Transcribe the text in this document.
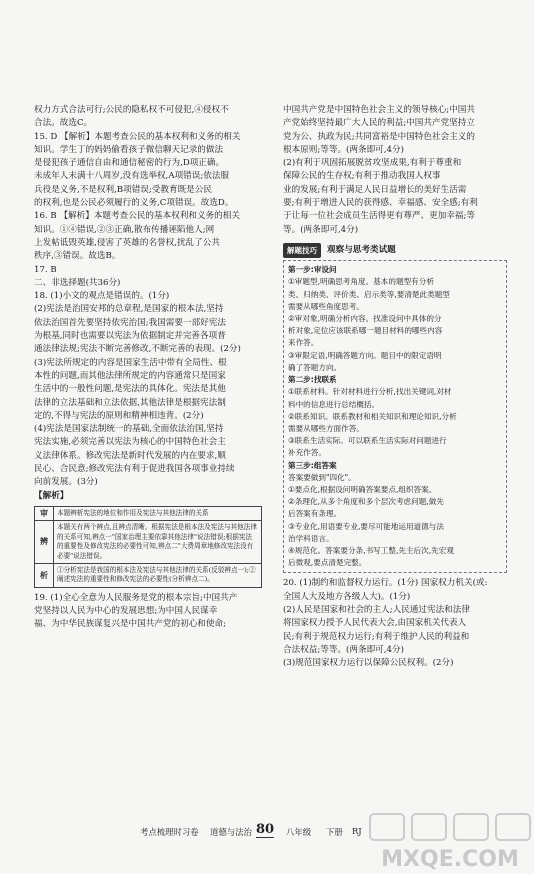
权力方式合法可行;公民的隐私权不可侵犯,④侵权不
合法。故选C。
15. D 【解析】本题考查公民的基本权利和义务的相关
知识。学生丁的妈妈偷看孩子微信聊天记录的做法
是侵犯孩子通信自由和通信秘密的行为,D项正确。
未成年人未满十八周岁,没有选举权,A项错误;依法服
兵役是义务,不是权利,B项错误;受教育既是公民
的权利,也是公民必须履行的义务,C项错误。故选D。
16. B 【解析】本题考查公民的基本权利和义务的相关
知识。①④错误,②③正确,散布传播诬陷他人;网
上发帖诋毁英雄,侵害了英雄的名誉权,扰乱了公共
秩序,③错误。故选B。
17. B
二、非选择题(共36分)
18. (1)小文的观点是错误的。(1分)
(2)宪法是治国安邦的总章程,是国家的根本法,坚持
依法治国首先要坚持依宪治国;我国需要一部好宪法
为根基,同时也需要以宪法为依据制定并完善各项普
通法律法规;宪法不断完善修改,不断完善的表现。(2分)
(3)宪法所规定的内容是国家生活中带有全局性、根
本性的问题,而其他法律所规定的内容通常只是国家
生活中的一般性问题,是宪法的具体化。宪法是其他
法律的立法基础和立法依据,其他法律是根据宪法制
定的,不得与宪法的原则和精神相违背。(2分)
(4)宪法是国家法制统一的基础,全面依法治国,坚持
宪法实施,必须完善以宪法为核心的中国特色社会主
义法律体系。修改宪法是新时代发展的内在要求,顺
民心、合民意;修改宪法有利于促进我国各项事业持续
向前发展。(3分)
【解析】
审	本题辨析宪法的地位和作用及宪法与其他法律的关系
辨	本题关有两个辨点,且辨点清晰。根据宪法是根本法及宪法与其他法律的关系可知,辨点一"国家治理主要依靠其他法律"说法错误;根据宪法的重要性及修改宪法的必要性可知,辨点二"大费周章地修改宪法没有必要"说法错误。
析	①分析宪法是我国的根本法及宪法与其他法律的关系(反驳辨点一);②阐述宪法的重要性和修改宪法的必要性(分析辨点二)。
19. (1)全心全意为人民服务是党的根本宗旨;中国共产
党坚持以人民为中心的发展思想;为中国人民谋幸
福、为中华民族谋复兴是中国共产党的初心和使命;
中国共产党是中国特色社会主义的领导核心;中国共
产党始终坚持最广大人民的利益;中国共产党坚持立
党为公、执政为民;共同富裕是中国特色社会主义的
根本原则;等等。(两条即可,4分)
(2)有利于巩固拓展脱贫攻坚成果,有利于尊重和
保障公民的生存权;有利于推动我国人权事
业的发展;有利于满足人民日益增长的美好生活需
要;有利于增进人民的获得感、幸福感、安全感;有利
于让每一位社会成员生活得更有尊严、更加幸福;等
等。(两条即可,4分)
解题技巧	观察与思考类试题
第一步:审设问
①审题型,明确思考角度。基本的题型有分析
类、归纳类、评价类、启示类等,要清楚此类题型
需要从哪些角度思考。
②审对象,明确分析内容。找准设问中具体的分
析对象,定位应该联系哪一题目材料的哪些内容
来作答。
③审限定语,明确答题方向。题目中的限定语明
确了答题方向。
第二步:找联系
①联系材料。针对材料进行分析,找出关键词,对材
料中的信息进行总结概括。
②联系知识。联系教材和相关知识和理论知识,分析
需要从哪些方面作答。
③联系生活实际。可以联系生活实际对问题进行
补充作答。
第三步:组答案
答案要做到"四化"。
①要点化,根据设问明确答案要点,组织答案。
②条理化,从多个角度和多个层次考虑问题,做先
后答案有条理。
③专业化,用语要专业,要尽可能地运用道德与法
治学科语言。
④规范化。答案要分条,书写工整,先主后次,先宏观
后微观,要点清楚完整。
20. (1)制约和监督权力运行。(1分) 国家权力机关(或:
全国人大及地方各级人大)。(1分)
(2)人民是国家和社会的主人;人民通过宪法和法律
将国家权力授予人民代表大会,由国家机关代表人
民;有利于规范权力运行;有利于维护人民的利益和
合法权益;等等。(两条即可,4分)
(3)规范国家权力运行以保障公民权利。(2分)
考点梳理时习卷 道德与法治 80 八年级 下册 RJ
MXQE.COM
